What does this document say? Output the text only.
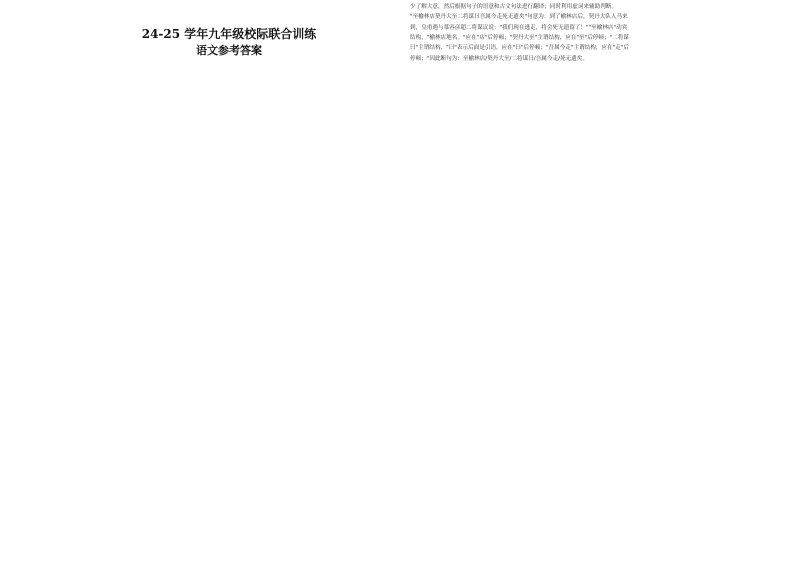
24-25 学年九年级校际联合训练
语文参考答案
少了解大意，然后根据句子的语意和古文句法进行翻译；同时利用虚词来辅助判断。
"至榆林店契丹大至二将谋曰吾属今走死无遗矣"句意为：到了榆林店后，契丹大队人马来
到，皇甫遇与慕容彦超二将谋议说："我们现在逃走，将会死无遗留了！""至榆林店"动宾
结构，"榆林店地名。"应在"店"后停顿；"契丹大至"主谓结构，应在"至"后停顿；"二将谋
曰"主谓结构，"曰"表示后面是引语，应在"曰"后停顿；"吾属今走"主谓结构，应在"走"后
停顿；"因此断句为：至榆林店/契丹大至/二将谋曰/吾属今走/死无遗矣。
